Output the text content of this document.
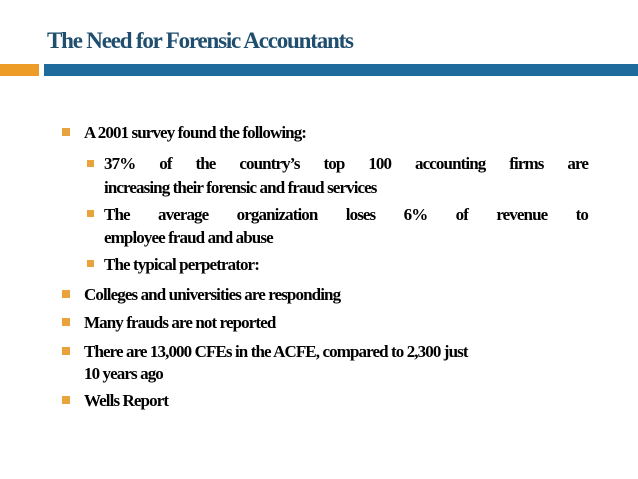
The Need for Forensic Accountants
A 2001 survey found the following:
37% of the country’s top 100 accounting firms are
increasing their forensic and fraud services
The average organization loses 6% of revenue to
employee fraud and abuse
The typical perpetrator:
Colleges and universities are responding
Many frauds are not reported
There are 13,000 CFEs in the ACFE, compared to 2,300 just
10 years ago
Wells Report
